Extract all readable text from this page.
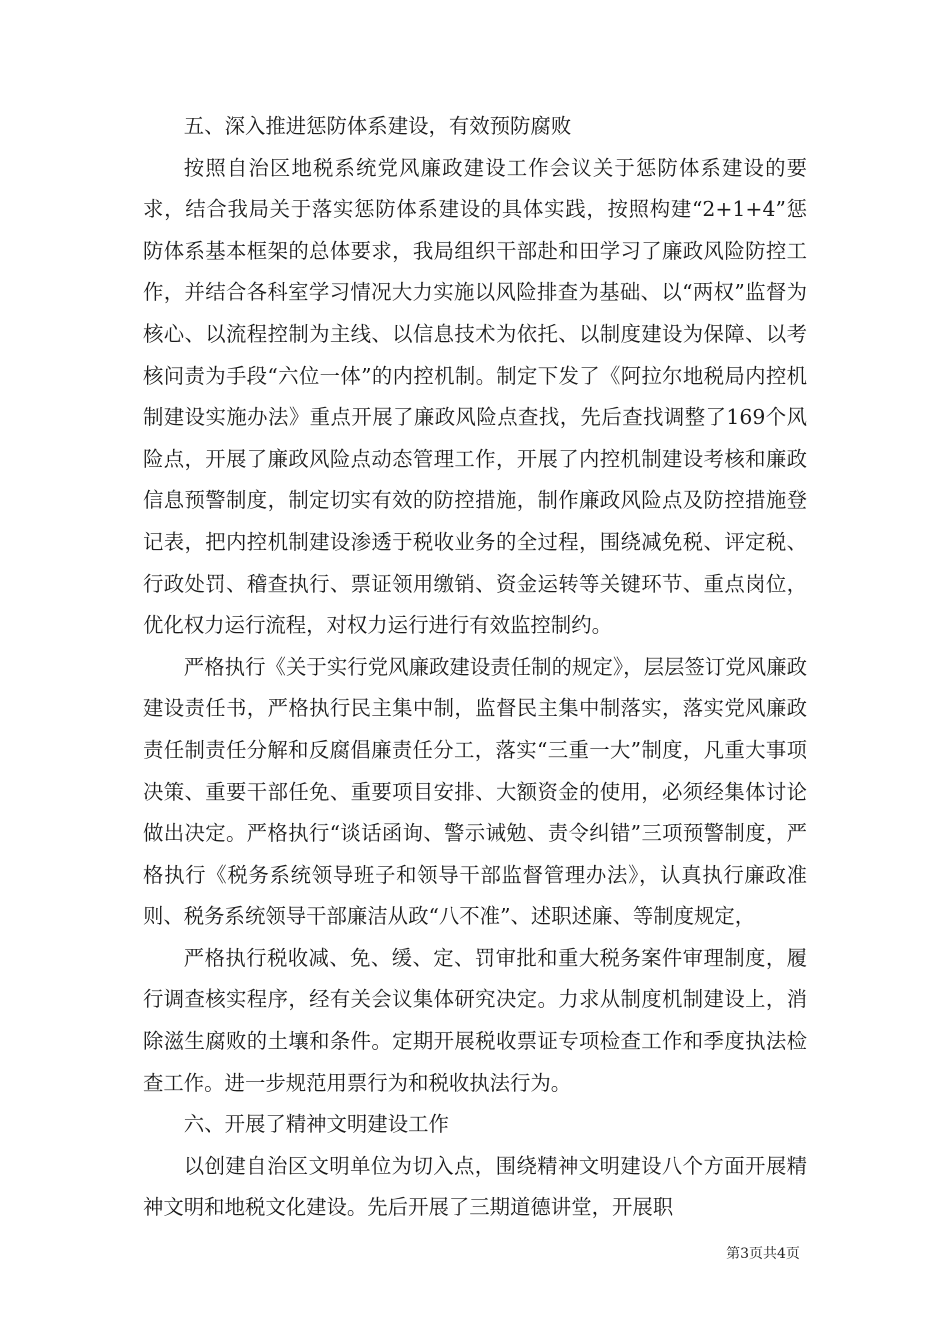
五、深入推进惩防体系建设，有效预防腐败

按照自治区地税系统党风廉政建设工作会议关于惩防体系建设的要求，结合我局关于落实惩防体系建设的具体实践，按照构建“2+1+4”惩防体系基本框架的总体要求，我局组织干部赴和田学习了廉政风险防控工作，并结合各科室学习情况大力实施以风险排查为基础、以“两权”监督为核心、以流程控制为主线、以信息技术为依托、以制度建设为保障、以考核问责为手段“六位一体”的内控机制。制定下发了《阿拉尔地税局内控机制建设实施办法》重点开展了廉政风险点查找，先后查找调整了169个风险点，开展了廉政风险点动态管理工作，开展了内控机制建设考核和廉政信息预警制度，制定切实有效的防控措施，制作廉政风险点及防控措施登记表，把内控机制建设渗透于税收业务的全过程，围绕减免税、评定税、行政处罚、稽查执行、票证领用缴销、资金运转等关键环节、重点岗位，优化权力运行流程，对权力运行进行有效监控制约。

严格执行《关于实行党风廉政建设责任制的规定》，层层签订党风廉政建设责任书，严格执行民主集中制，监督民主集中制落实，落实党风廉政责任制责任分解和反腐倡廉责任分工，落实“三重一大”制度，凡重大事项决策、重要干部任免、重要项目安排、大额资金的使用，必须经集体讨论做出决定。严格执行“谈话函询、警示诫勉、责令纠错”三项预警制度，严格执行《税务系统领导班子和领导干部监督管理办法》，认真执行廉政准则、税务系统领导干部廉洁从政“八不准”、述职述廉、等制度规定，

严格执行税收减、免、缓、定、罚审批和重大税务案件审理制度，履行调查核实程序，经有关会议集体研究决定。力求从制度机制建设上，消除滋生腐败的土壤和条件。定期开展税收票证专项检查工作和季度执法检查工作。进一步规范用票行为和税收执法行为。

六、开展了精神文明建设工作

以创建自治区文明单位为切入点，围绕精神文明建设八个方面开展精神文明和地税文化建设。先后开展了三期道德讲堂，开展职

第3页共4页
